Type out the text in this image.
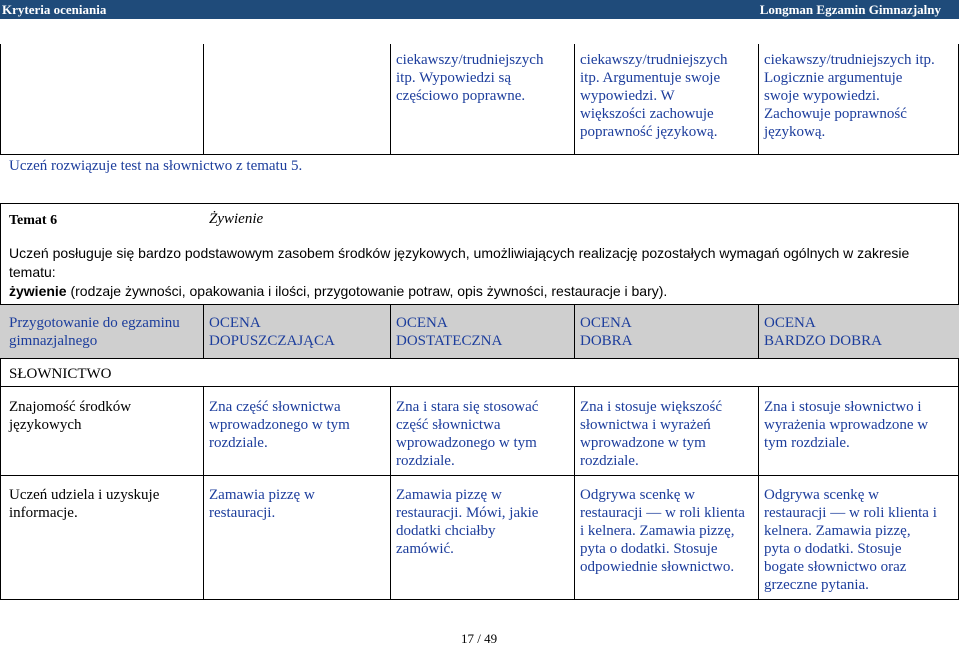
Kryteria oceniania	Longman Egzamin Gimnazjalny
ciekawszy/trudniejszych
itp. Wypowiedzi są
częściowo poprawne.
ciekawszy/trudniejszych
itp. Argumentuje swoje
wypowiedzi. W
większości zachowuje
poprawność językową.
ciekawszy/trudniejszych itp.
Logicznie argumentuje
swoje wypowiedzi.
Zachowuje poprawność
językową.
Uczeń rozwiązuje test na słownictwo z tematu 5.
Temat 6	Żywienie
Uczeń posługuje się bardzo podstawowym zasobem środków językowych, umożliwiających realizację pozostałych wymagań ogólnych w zakresie
tematu:
żywienie (rodzaje żywności, opakowania i ilości, przygotowanie potraw, opis żywności, restauracje i bary).
Przygotowanie do egzaminu
gimnazjalnego
OCENA
DOPUSZCZAJĄCA
OCENA
DOSTATECZNA
OCENA
DOBRA
OCENA
BARDZO DOBRA
SŁOWNICTWO
Znajomość środków
językowych
Zna część słownictwa
wprowadzonego w tym
rozdziale.
Zna i stara się stosować
część słownictwa
wprowadzonego w tym
rozdziale.
Zna i stosuje większość
słownictwa i wyrażeń
wprowadzone w tym
rozdziale.
Zna i stosuje słownictwo i
wyrażenia wprowadzone w
tym rozdziale.
Uczeń udziela i uzyskuje
informacje.
Zamawia pizzę w
restauracji.
Zamawia pizzę w
restauracji. Mówi, jakie
dodatki chciałby
zamówić.
Odgrywa scenkę w
restauracji — w roli klienta
i kelnera. Zamawia pizzę,
pyta o dodatki. Stosuje
odpowiednie słownictwo.
Odgrywa scenkę w
restauracji — w roli klienta i
kelnera. Zamawia pizzę,
pyta o dodatki. Stosuje
bogate słownictwo oraz
grzeczne pytania.
17 / 49
